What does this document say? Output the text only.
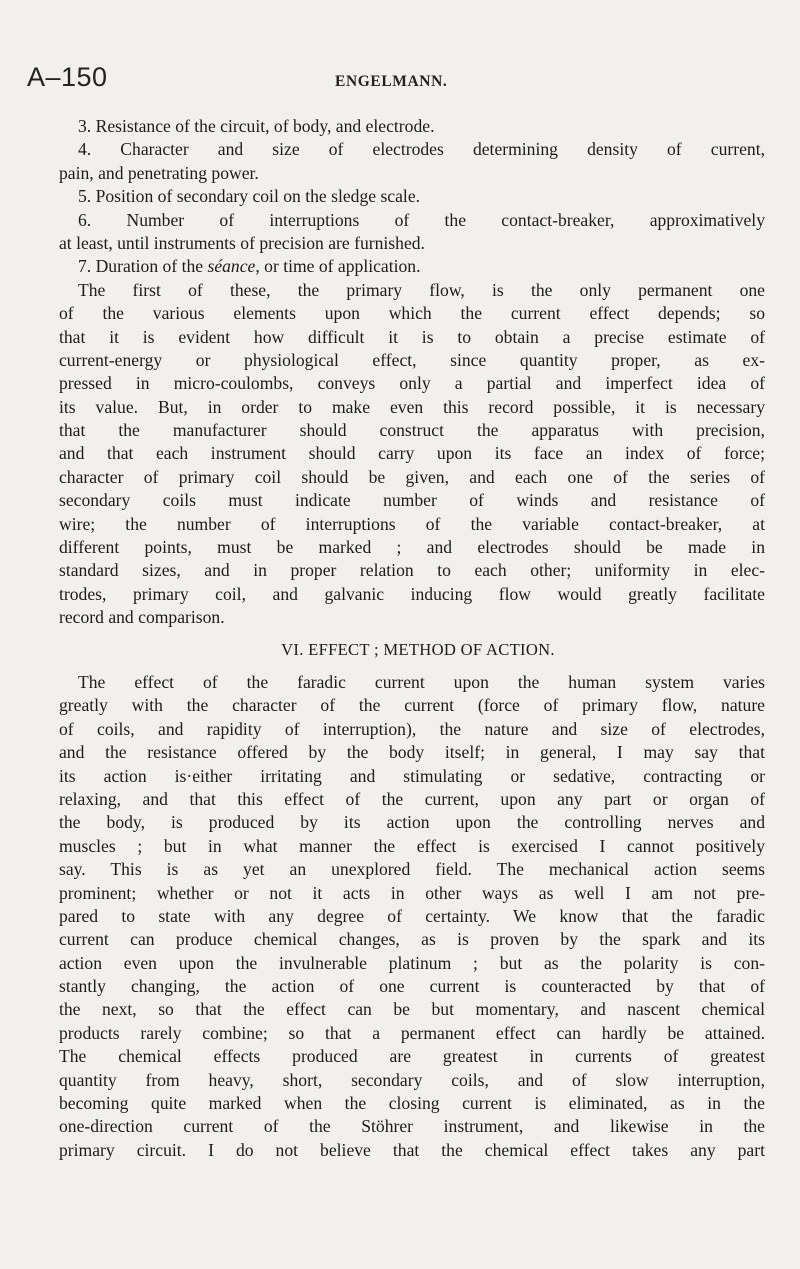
A–150	ENGELMANN.
3. Resistance of the circuit, of body, and electrode.
4. Character and size of electrodes determining density of current,
pain, and penetrating power.
5. Position of secondary coil on the sledge scale.
6. Number of interruptions of the contact-breaker, approximatively
at least, until instruments of precision are furnished.
7. Duration of the séance, or time of application.
The first of these, the primary flow, is the only permanent one
of the various elements upon which the current effect depends; so
that it is evident how difficult it is to obtain a precise estimate of
current-energy or physiological effect, since quantity proper, as ex-
pressed in micro-coulombs, conveys only a partial and imperfect idea of
its value. But, in order to make even this record possible, it is necessary
that the manufacturer should construct the apparatus with precision,
and that each instrument should carry upon its face an index of force;
character of primary coil should be given, and each one of the series of
secondary coils must indicate number of winds and resistance of
wire; the number of interruptions of the variable contact-breaker, at
different points, must be marked ; and electrodes should be made in
standard sizes, and in proper relation to each other; uniformity in elec-
trodes, primary coil, and galvanic inducing flow would greatly facilitate
record and comparison.
VI. EFFECT ; METHOD OF ACTION.
The effect of the faradic current upon the human system varies
greatly with the character of the current (force of primary flow, nature
of coils, and rapidity of interruption), the nature and size of electrodes,
and the resistance offered by the body itself; in general, I may say that
its action is·either irritating and stimulating or sedative, contracting or
relaxing, and that this effect of the current, upon any part or organ of
the body, is produced by its action upon the controlling nerves and
muscles ; but in what manner the effect is exercised I cannot positively
say. This is as yet an unexplored field. The mechanical action seems
prominent; whether or not it acts in other ways as well I am not pre-
pared to state with any degree of certainty. We know that the faradic
current can produce chemical changes, as is proven by the spark and its
action even upon the invulnerable platinum ; but as the polarity is con-
stantly changing, the action of one current is counteracted by that of
the next, so that the effect can be but momentary, and nascent chemical
products rarely combine; so that a permanent effect can hardly be attained.
The chemical effects produced are greatest in currents of greatest
quantity from heavy, short, secondary coils, and of slow interruption,
becoming quite marked when the closing current is eliminated, as in the
one-direction current of the Stöhrer instrument, and likewise in the
primary circuit. I do not believe that the chemical effect takes any part
